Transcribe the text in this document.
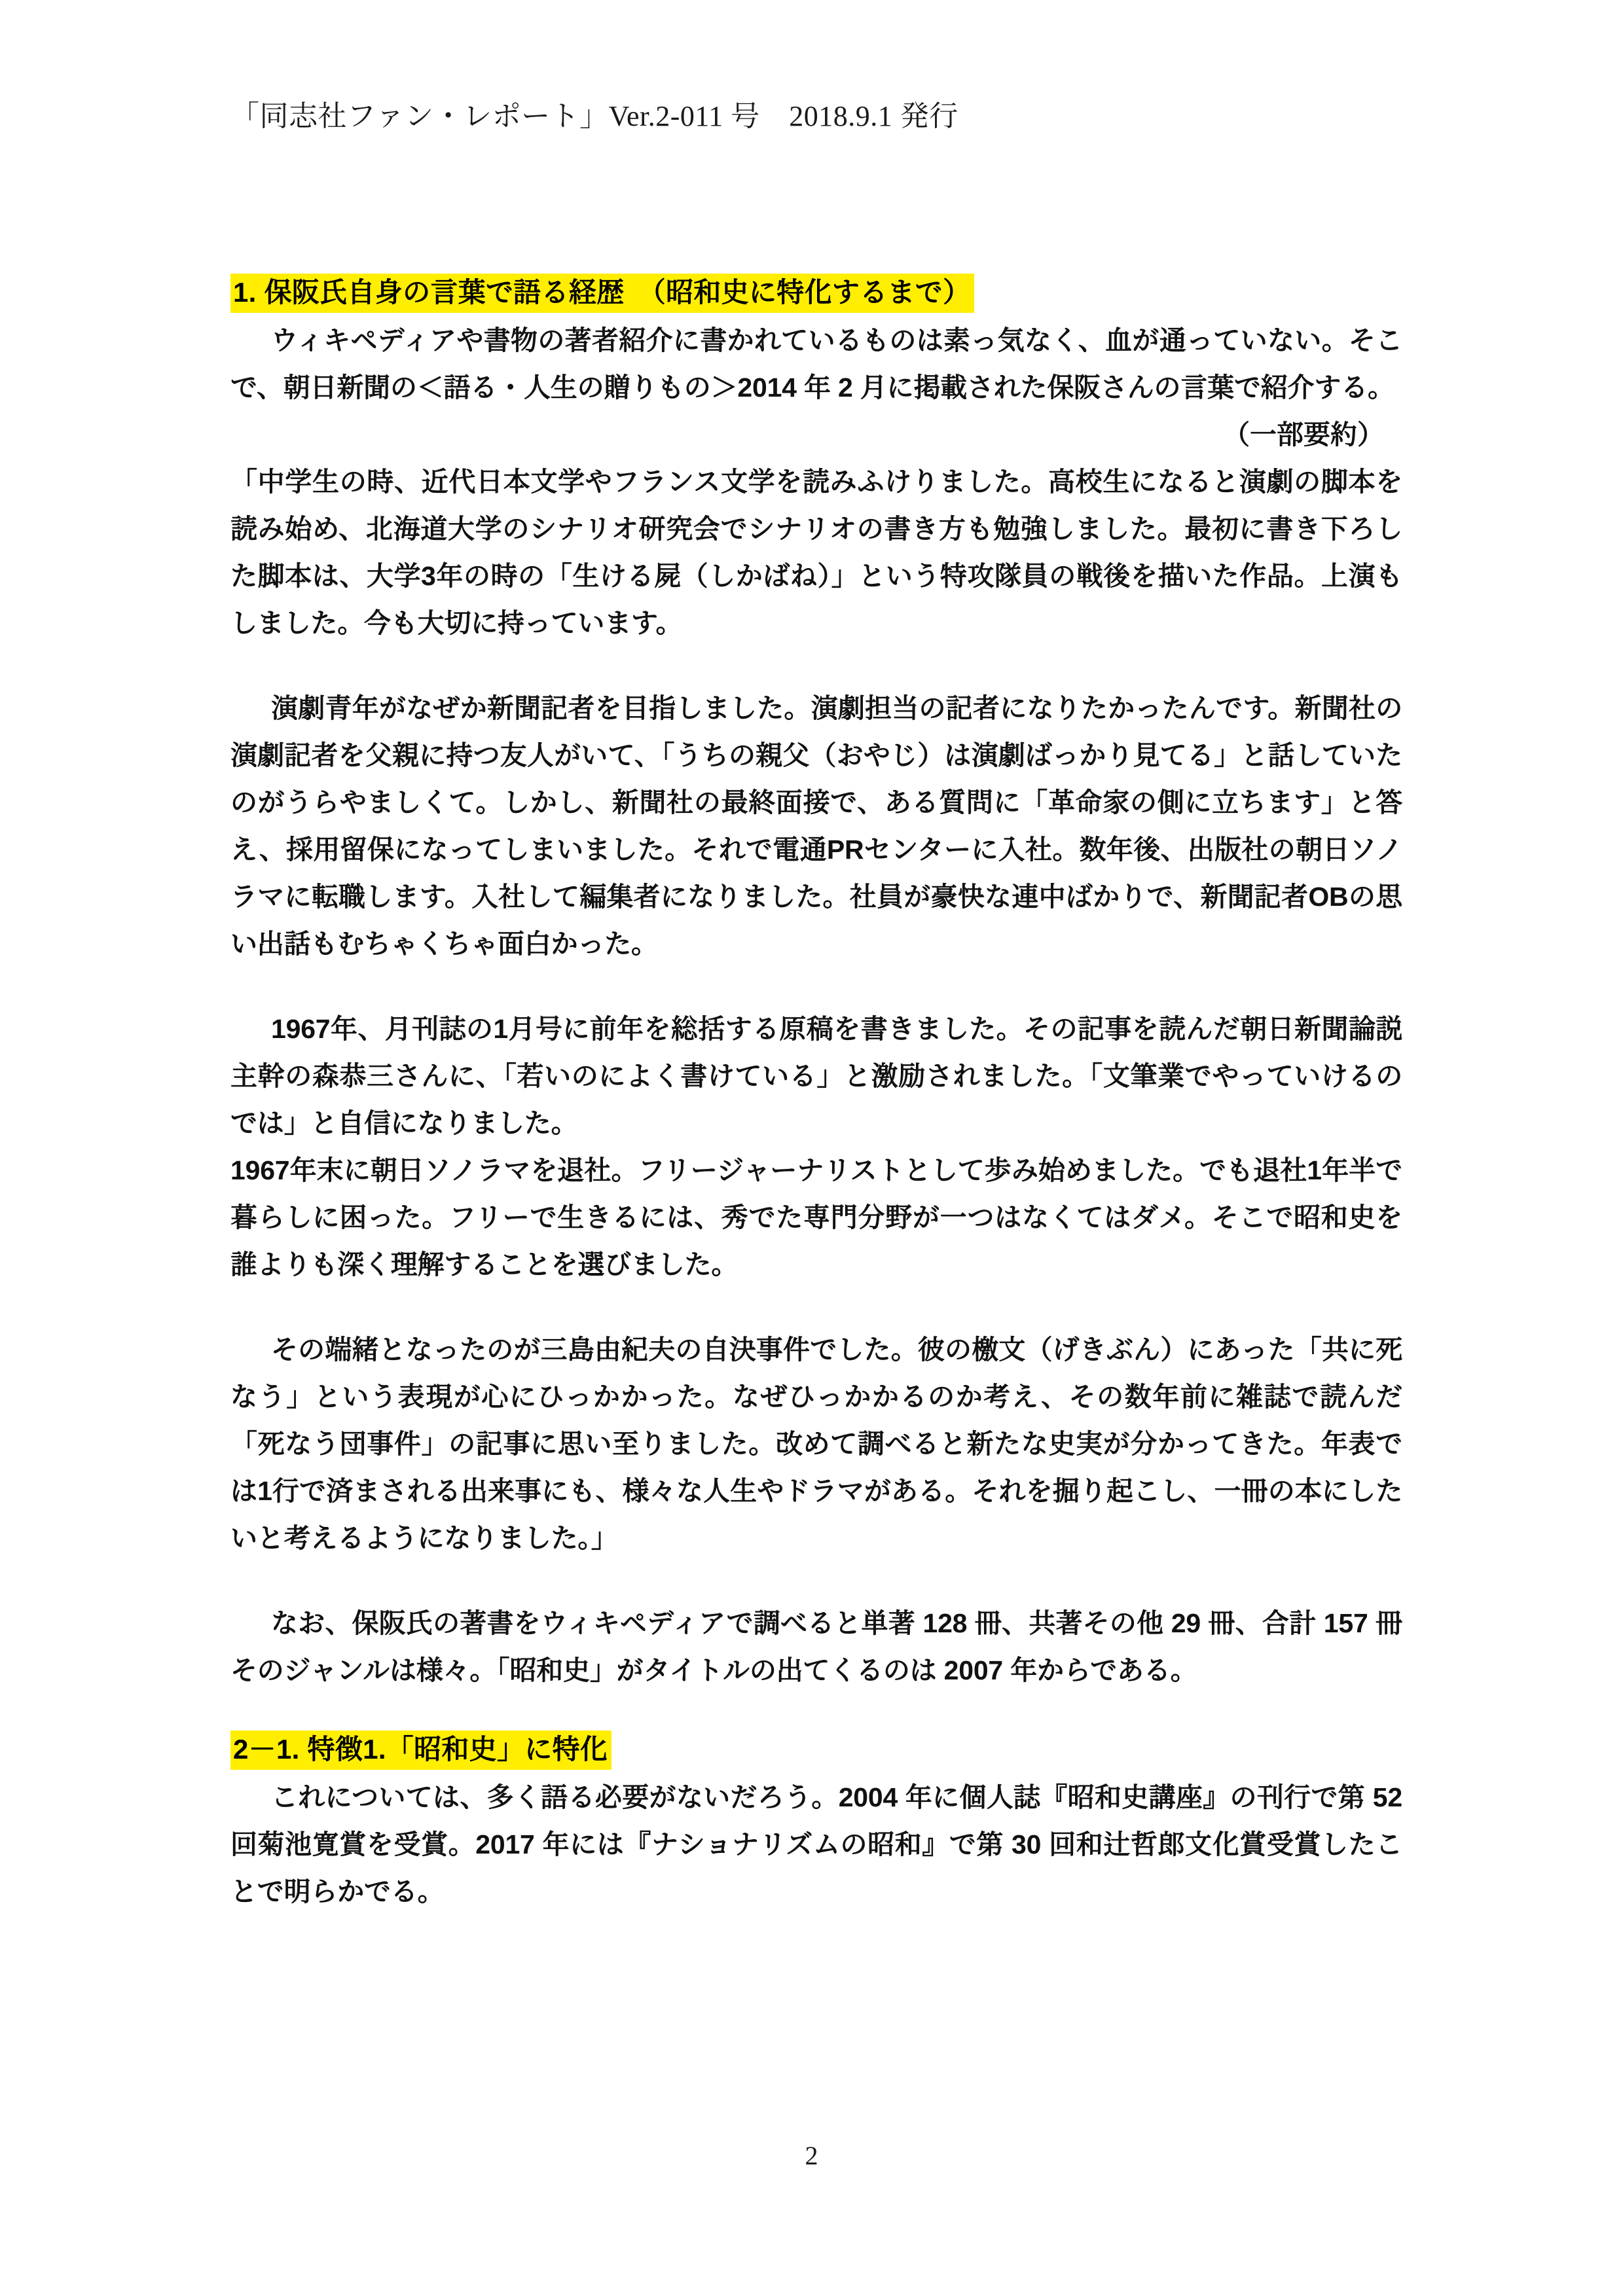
「同志社ファン・レポート」Ver.2-011 号　2018.9.1 発行
1. 保阪氏自身の言葉で語る経歴　（昭和史に特化するまで）

ウィキペディアや書物の著者紹介に書かれているものは素っ気なく、血が通っていない。そこで、朝日新聞の＜語る・人生の贈りもの＞2014 年 2 月に掲載された保阪さんの言葉で紹介する。

（一部要約）

「中学生の時、近代日本文学やフランス文学を読みふけりました。高校生になると演劇の脚本を読み始め、北海道大学のシナリオ研究会でシナリオの書き方も勉強しました。最初に書き下ろした脚本は、大学3年の時の「生ける屍（しかばね）」という特攻隊員の戦後を描いた作品。上演もしました。今も大切に持っています。

演劇青年がなぜか新聞記者を目指しました。演劇担当の記者になりたかったんです。新聞社の演劇記者を父親に持つ友人がいて、「うちの親父（おやじ）は演劇ばっかり見てる」と話していたのがうらやましくて。しかし、新聞社の最終面接で、ある質問に「革命家の側に立ちます」と答え、採用留保になってしまいました。それで電通PRセンターに入社。数年後、出版社の朝日ソノラマに転職します。入社して編集者になりました。社員が豪快な連中ばかりで、新聞記者OBの思い出話もむちゃくちゃ面白かった。

1967年、月刊誌の1月号に前年を総括する原稿を書きました。その記事を読んだ朝日新聞論説主幹の森恭三さんに、「若いのによく書けている」と激励されました。「文筆業でやっていけるのでは」と自信になりました。

1967年末に朝日ソノラマを退社。フリージャーナリストとして歩み始めました。でも退社1年半で暮らしに困った。フリーで生きるには、秀でた専門分野が一つはなくてはダメ。そこで昭和史を誰よりも深く理解することを選びました。

その端緒となったのが三島由紀夫の自決事件でした。彼の檄文（げきぶん）にあった「共に死なう」という表現が心にひっかかった。なぜひっかかるのか考え、その数年前に雑誌で読んだ「死なう団事件」の記事に思い至りました。改めて調べると新たな史実が分かってきた。年表では1行で済まされる出来事にも、様々な人生やドラマがある。それを掘り起こし、一冊の本にしたいと考えるようになりました。」

なお、保阪氏の著書をウィキペディアで調べると単著 128 冊、共著その他 29 冊、合計 157 冊そのジャンルは様々。「昭和史」がタイトルの出てくるのは 2007 年からである。

2－1. 特徴1.「昭和史」に特化

これについては、多く語る必要がないだろう。2004 年に個人誌『昭和史講座』の刊行で第 52 回菊池寛賞を受賞。2017 年には『ナショナリズムの昭和』で第 30 回和辻哲郎文化賞受賞したことで明らかでる。

2
